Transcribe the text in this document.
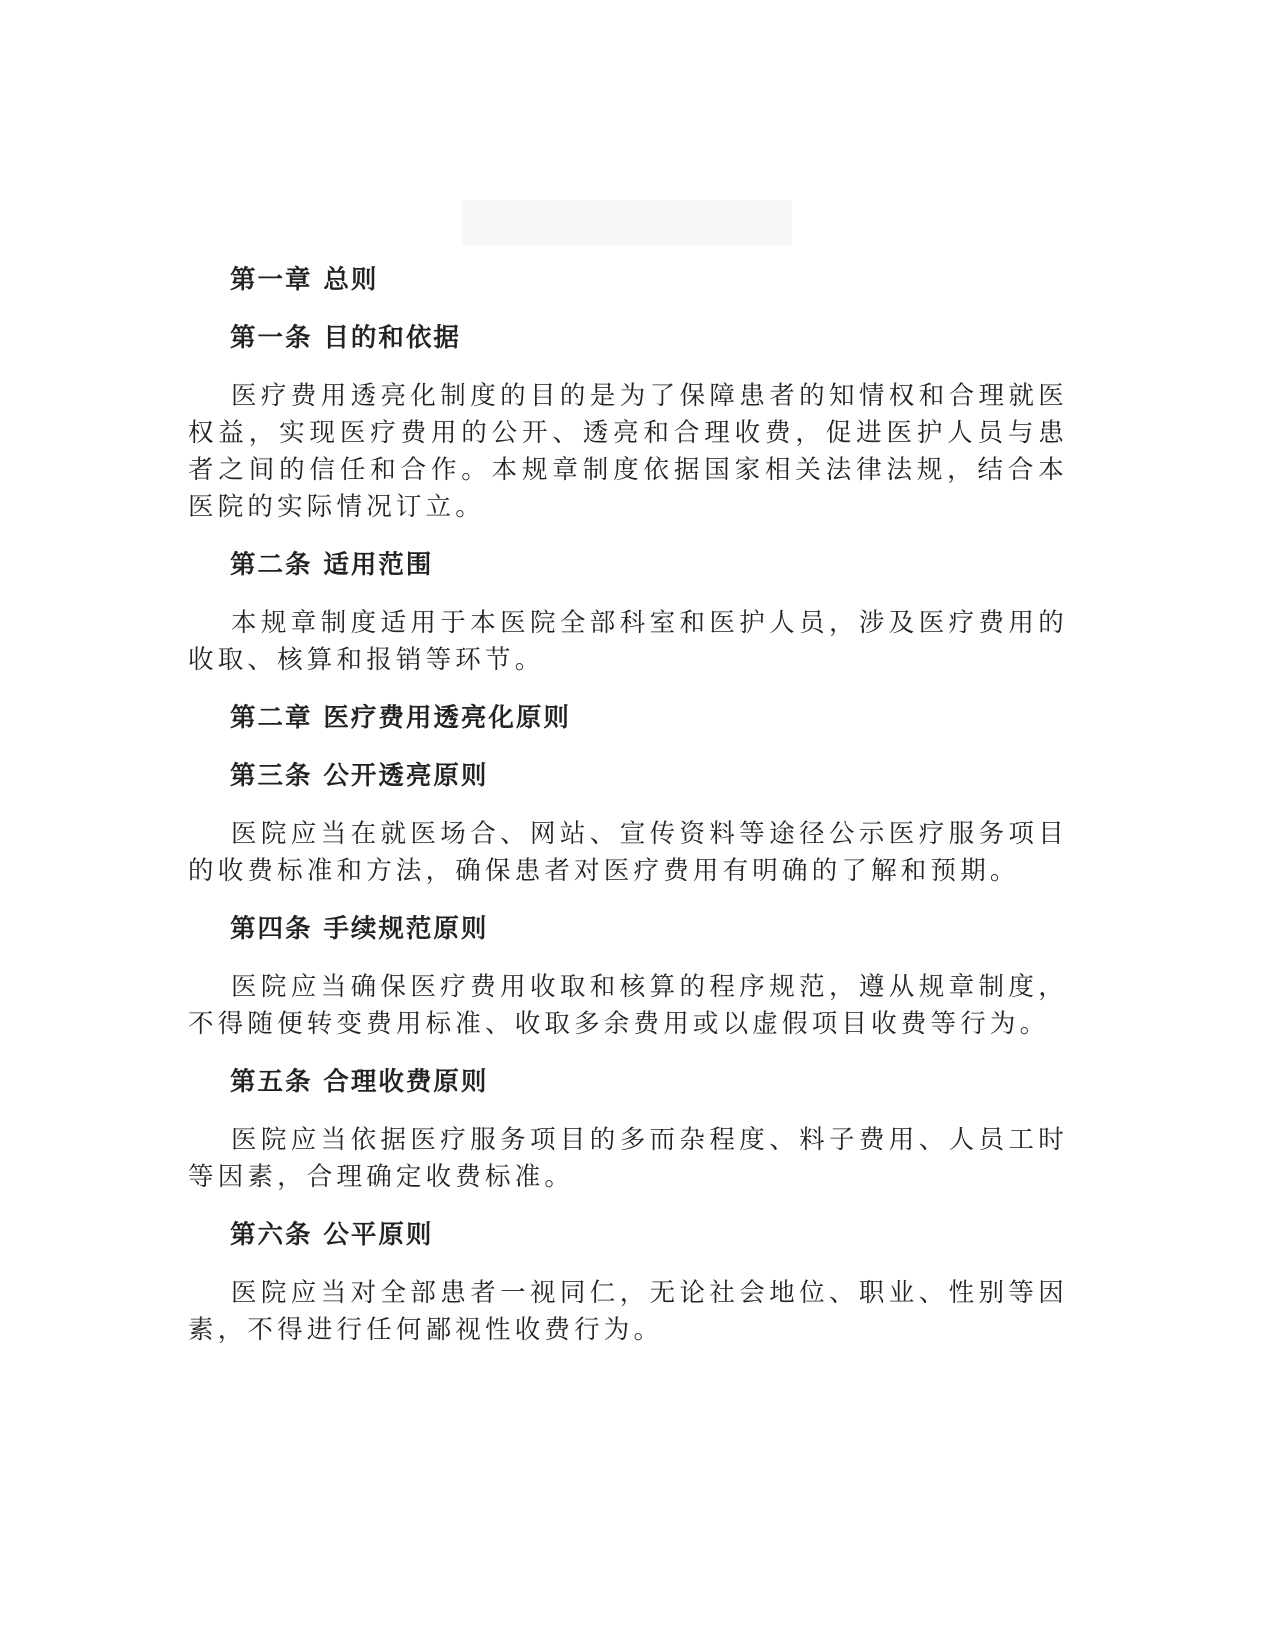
第一章 总则
第一条 目的和依据

医疗费用透亮化制度的目的是为了保障患者的知情权和合理就医权益，实现医疗费用的公开、透亮和合理收费，促进医护人员与患者之间的信任和合作。本规章制度依据国家相关法律法规，结合本医院的实际情况订立。

第二条 适用范围

本规章制度适用于本医院全部科室和医护人员，涉及医疗费用的收取、核算和报销等环节。

第二章 医疗费用透亮化原则
第三条 公开透亮原则

医院应当在就医场合、网站、宣传资料等途径公示医疗服务项目的收费标准和方法，确保患者对医疗费用有明确的了解和预期。

第四条 手续规范原则

医院应当确保医疗费用收取和核算的程序规范，遵从规章制度，不得随便转变费用标准、收取多余费用或以虚假项目收费等行为。

第五条 合理收费原则

医院应当依据医疗服务项目的多而杂程度、料子费用、人员工时等因素，合理确定收费标准。

第六条 公平原则

医院应当对全部患者一视同仁，无论社会地位、职业、性别等因素，不得进行任何鄙视性收费行为。
